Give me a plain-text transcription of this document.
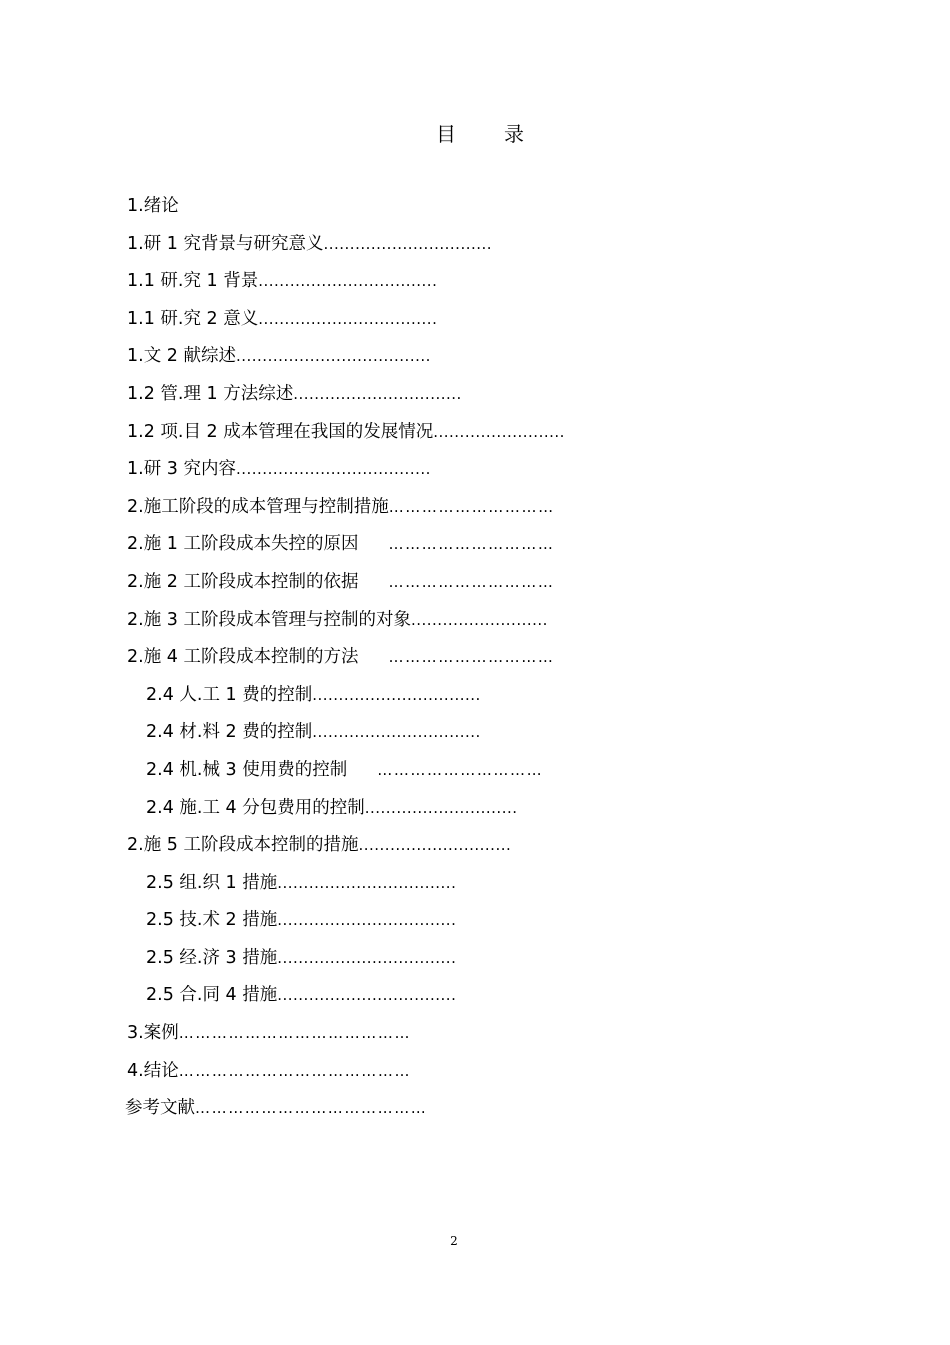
目录
1.绪论
1.研 1 究背景与研究意义................................
1.1 研.究 1 背景..................................
1.1 研.究 2 意义..................................
1.文 2 献综述.....................................
1.2 管.理 1 方法综述................................
1.2 项.目 2 成本管理在我国的发展情况.........................
1.研 3 究内容.....................................
2.施工阶段的成本管理与控制措施…………………………
2.施 1 工阶段成本失控的原因 …………………………
2.施 2 工阶段成本控制的依据 …………………………
2.施 3 工阶段成本管理与控制的对象..........................
2.施 4 工阶段成本控制的方法 …………………………
2.4 人.工 1 费的控制................................
2.4 材.料 2 费的控制................................
2.4 机.械 3 使用费的控制 …………………………
2.4 施.工 4 分包费用的控制.............................
2.施 5 工阶段成本控制的措施.............................
2.5 组.织 1 措施..................................
2.5 技.术 2 措施..................................
2.5 经.济 3 措施..................................
2.5 合.同 4 措施..................................
3.案例……………………………………
4.结论……………………………………
参考文献……………………………………
2
